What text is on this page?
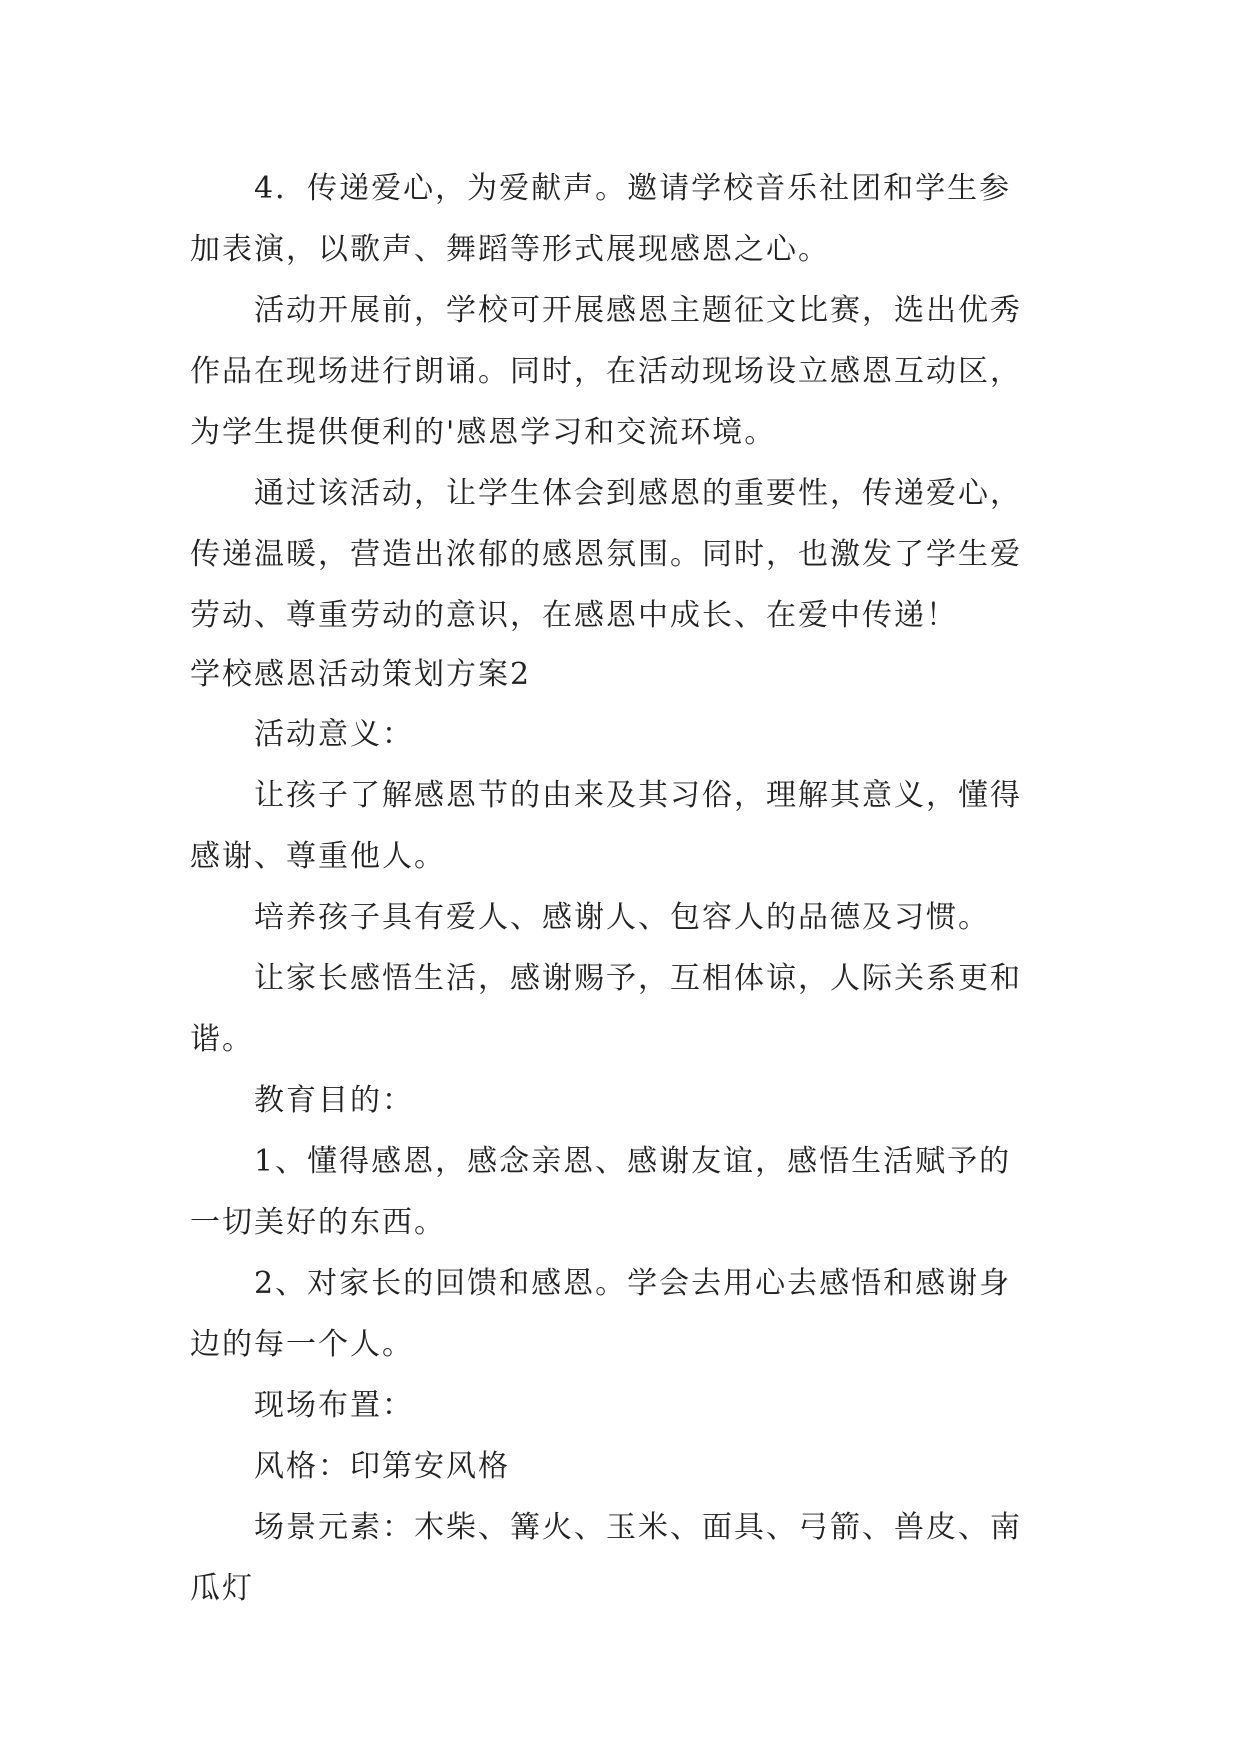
4．传递爱心，为爱献声。邀请学校音乐社团和学生参
加表演，以歌声、舞蹈等形式展现感恩之心。
活动开展前，学校可开展感恩主题征文比赛，选出优秀
作品在现场进行朗诵。同时，在活动现场设立感恩互动区，
为学生提供便利的'感恩学习和交流环境。
通过该活动，让学生体会到感恩的重要性，传递爱心，
传递温暖，营造出浓郁的感恩氛围。同时，也激发了学生爱
劳动、尊重劳动的意识，在感恩中成长、在爱中传递！
学校感恩活动策划方案2
活动意义：
让孩子了解感恩节的由来及其习俗，理解其意义，懂得
感谢、尊重他人。
培养孩子具有爱人、感谢人、包容人的品德及习惯。
让家长感悟生活，感谢赐予，互相体谅，人际关系更和
谐。
教育目的：
1、懂得感恩，感念亲恩、感谢友谊，感悟生活赋予的
一切美好的东西。
2、对家长的回馈和感恩。学会去用心去感悟和感谢身
边的每一个人。
现场布置：
风格：印第安风格
场景元素：木柴、篝火、玉米、面具、弓箭、兽皮、南
瓜灯
